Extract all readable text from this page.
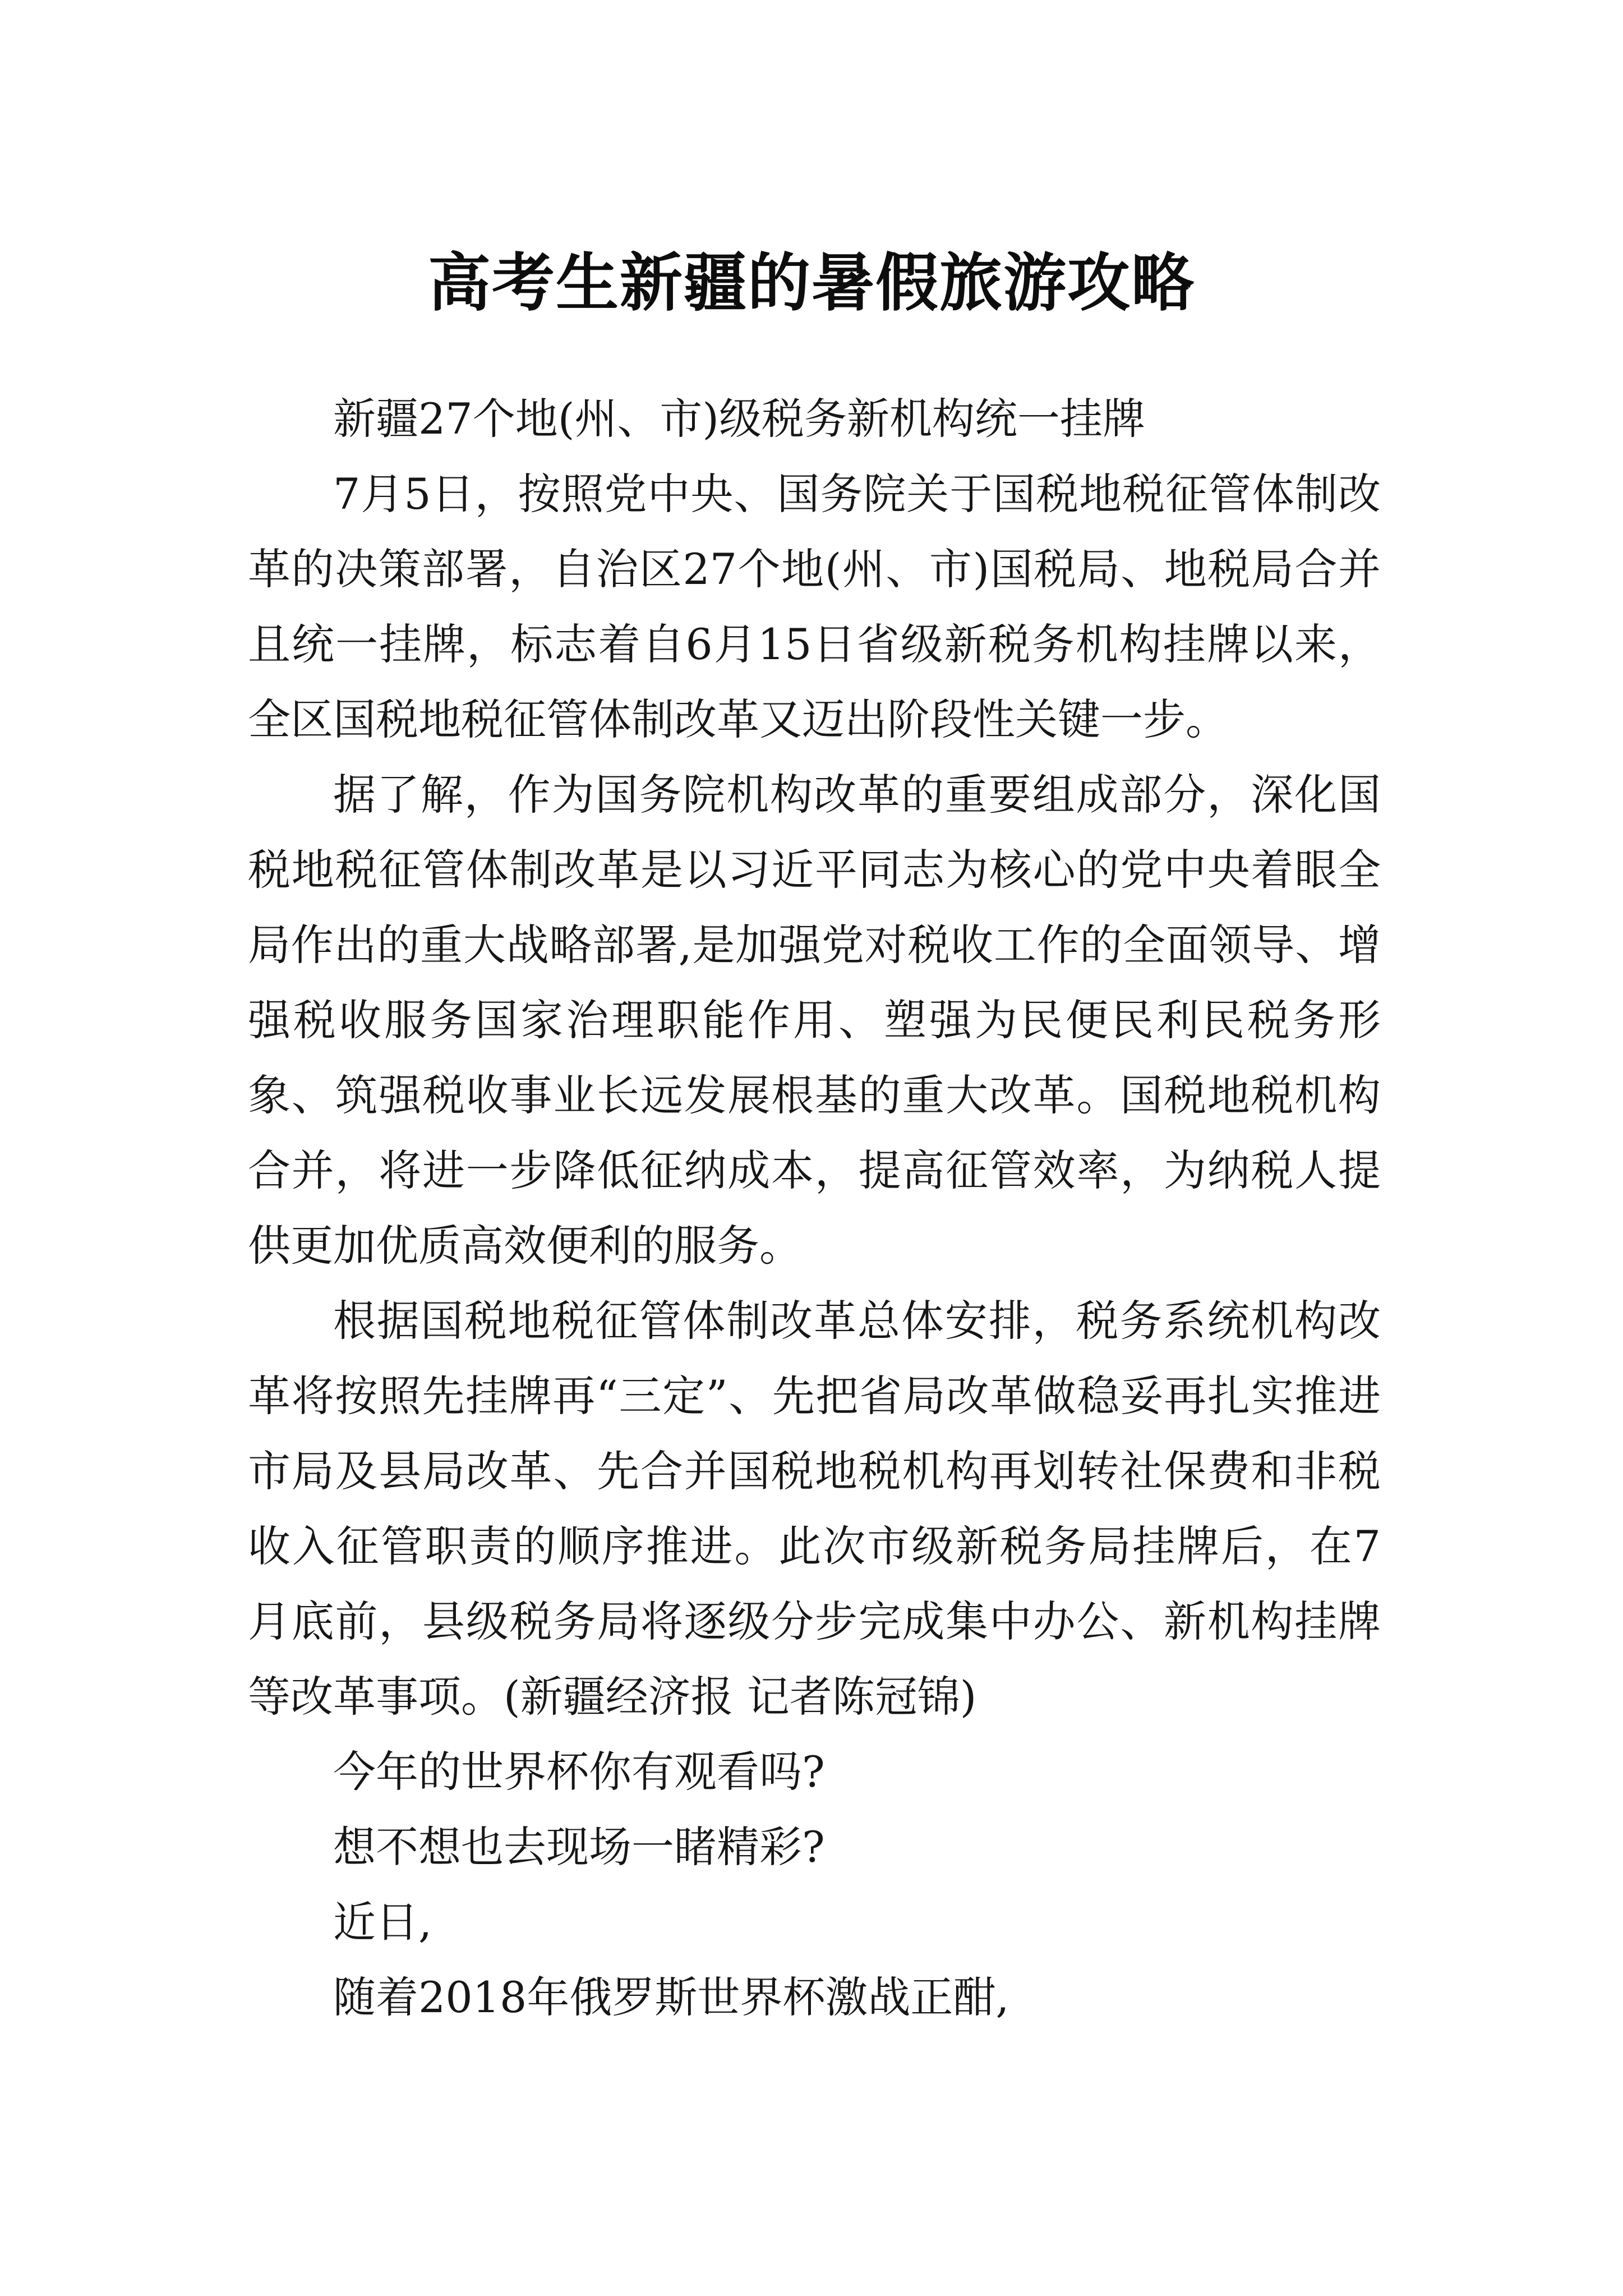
高考生新疆的暑假旅游攻略

新疆27个地(州、市)级税务新机构统一挂牌

7月5日，按照党中央、国务院关于国税地税征管体制改革的决策部署，自治区27个地(州、市)国税局、地税局合并且统一挂牌，标志着自6月15日省级新税务机构挂牌以来，全区国税地税征管体制改革又迈出阶段性关键一步。

据了解，作为国务院机构改革的重要组成部分，深化国税地税征管体制改革是以习近平同志为核心的党中央着眼全局作出的重大战略部署,是加强党对税收工作的全面领导、增强税收服务国家治理职能作用、塑强为民便民利民税务形象、筑强税收事业长远发展根基的重大改革。国税地税机构合并，将进一步降低征纳成本，提高征管效率，为纳税人提供更加优质高效便利的服务。

根据国税地税征管体制改革总体安排，税务系统机构改革将按照先挂牌再“三定”、先把省局改革做稳妥再扎实推进市局及县局改革、先合并国税地税机构再划转社保费和非税收入征管职责的顺序推进。此次市级新税务局挂牌后，在7月底前，县级税务局将逐级分步完成集中办公、新机构挂牌等改革事项。(新疆经济报 记者陈冠锦)

今年的世界杯你有观看吗?

想不想也去现场一睹精彩?

近日,

随着2018年俄罗斯世界杯激战正酣,
